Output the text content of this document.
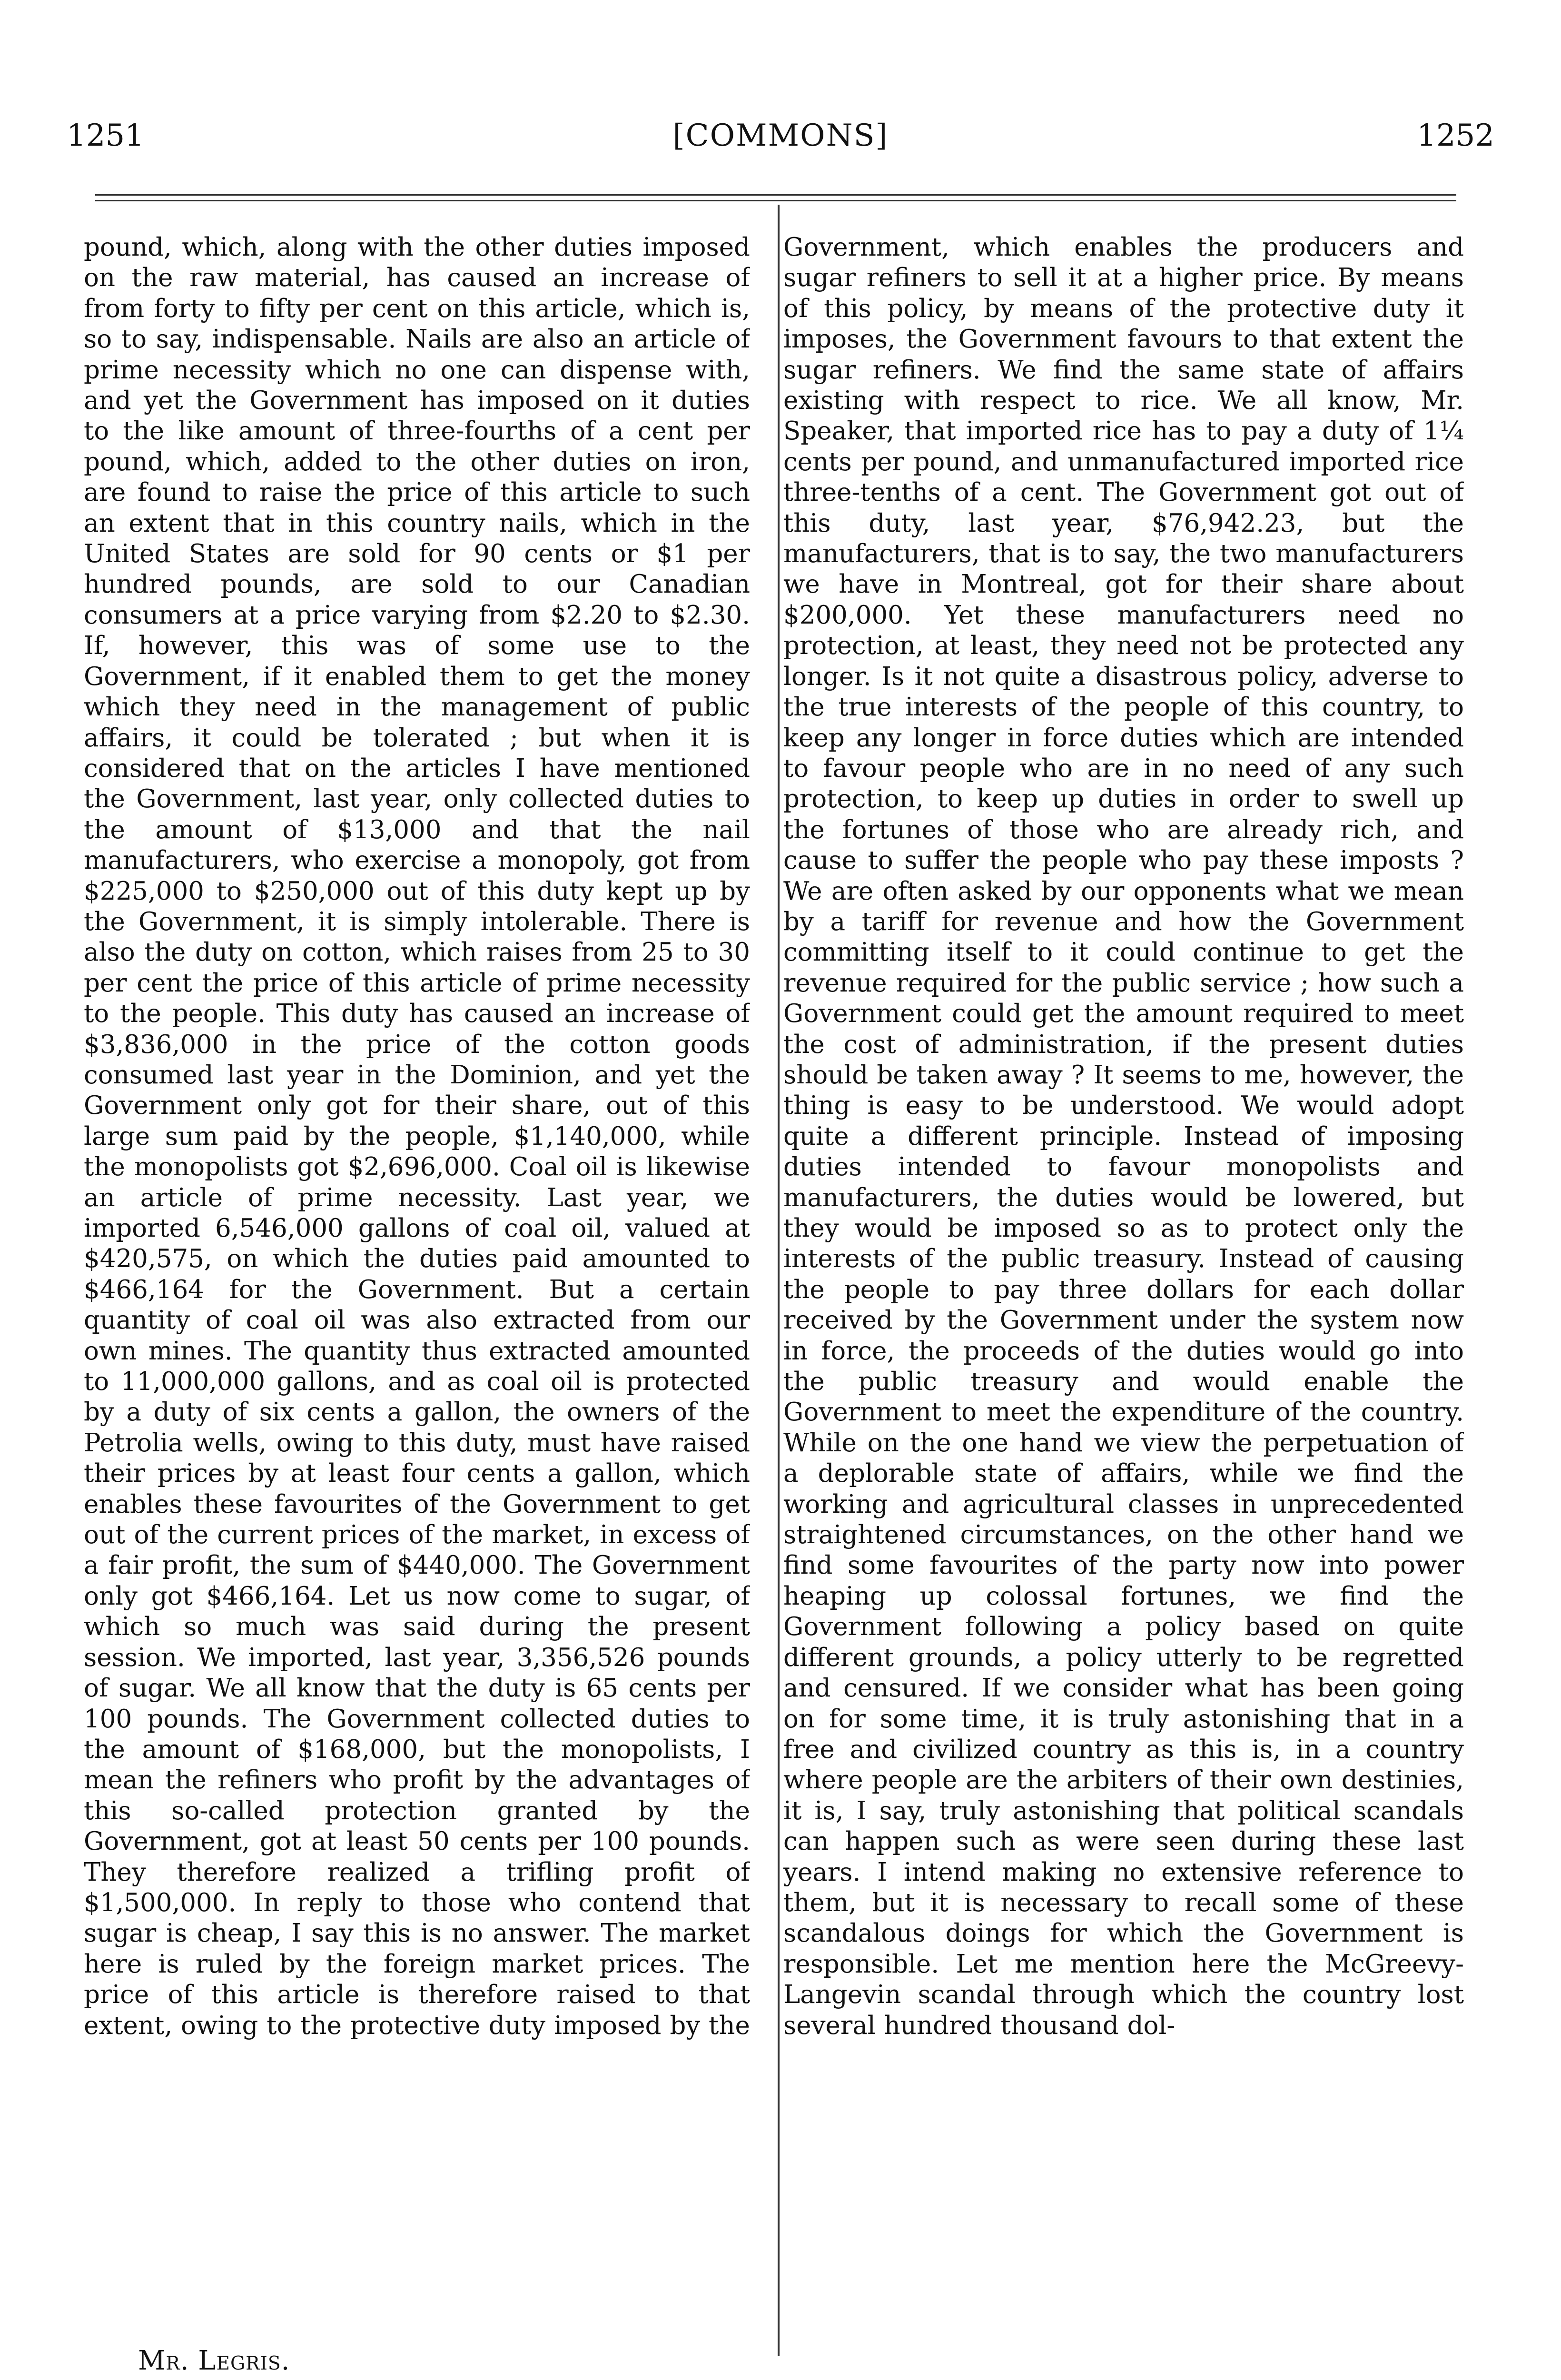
1251	[COMMONS]	1252

pound, which, along with the other duties imposed on the raw material, has caused an increase of from forty to fifty per cent on this article, which is, so to say, indispensable. Nails are also an article of prime necessity which no one can dispense with, and yet the Government has imposed on it duties to the like amount of three-fourths of a cent per pound, which, added to the other duties on iron, are found to raise the price of this article to such an extent that in this country nails, which in the United States are sold for 90 cents or $1 per hundred pounds, are sold to our Canadian consumers at a price varying from $2.20 to $2.30. If, however, this was of some use to the Government, if it enabled them to get the money which they need in the management of public affairs, it could be tolerated ; but when it is considered that on the articles I have mentioned the Government, last year, only collected duties to the amount of $13,000 and that the nail manufacturers, who exercise a monopoly, got from $225,000 to $250,000 out of this duty kept up by the Government, it is simply intolerable. There is also the duty on cotton, which raises from 25 to 30 per cent the price of this article of prime necessity to the people. This duty has caused an increase of $3,836,000 in the price of the cotton goods consumed last year in the Dominion, and yet the Government only got for their share, out of this large sum paid by the people, $1,140,000, while the monopolists got $2,696,000. Coal oil is likewise an article of prime necessity. Last year, we imported 6,546,000 gallons of coal oil, valued at $420,575, on which the duties paid amounted to $466,164 for the Government. But a certain quantity of coal oil was also extracted from our own mines. The quantity thus extracted amounted to 11,000,000 gallons, and as coal oil is protected by a duty of six cents a gallon, the owners of the Petrolia wells, owing to this duty, must have raised their prices by at least four cents a gallon, which enables these favourites of the Government to get out of the current prices of the market, in excess of a fair profit, the sum of $440,000. The Government only got $466,164. Let us now come to sugar, of which so much was said during the present session. We imported, last year, 3,356,526 pounds of sugar. We all know that the duty is 65 cents per 100 pounds. The Government collected duties to the amount of $168,000, but the monopolists, I mean the refiners who profit by the advantages of this so-called protection granted by the Government, got at least 50 cents per 100 pounds. They therefore realized a trifling profit of $1,500,000. In reply to those who contend that sugar is cheap, I say this is no answer. The market here is ruled by the foreign market prices. The price of this article is therefore raised to that extent, owing to the protective duty imposed by the

Government, which enables the producers and sugar refiners to sell it at a higher price. By means of this policy, by means of the protective duty it imposes, the Government favours to that extent the sugar refiners. We find the same state of affairs existing with respect to rice. We all know, Mr. Speaker, that imported rice has to pay a duty of 1¼ cents per pound, and unmanufactured imported rice three-tenths of a cent. The Government got out of this duty, last year, $76,942.23, but the manufacturers, that is to say, the two manufacturers we have in Montreal, got for their share about $200,000. Yet these manufacturers need no protection, at least, they need not be protected any longer. Is it not quite a disastrous policy, adverse to the true interests of the people of this country, to keep any longer in force duties which are intended to favour people who are in no need of any such protection, to keep up duties in order to swell up the fortunes of those who are already rich, and cause to suffer the people who pay these imposts ? We are often asked by our opponents what we mean by a tariff for revenue and how the Government committing itself to it could continue to get the revenue required for the public service ; how such a Government could get the amount required to meet the cost of administration, if the present duties should be taken away ? It seems to me, however, the thing is easy to be understood. We would adopt quite a different principle. Instead of imposing duties intended to favour monopolists and manufacturers, the duties would be lowered, but they would be imposed so as to protect only the interests of the public treasury. Instead of causing the people to pay three dollars for each dollar received by the Government under the system now in force, the proceeds of the duties would go into the public treasury and would enable the Government to meet the expenditure of the country. While on the one hand we view the perpetuation of a deplorable state of affairs, while we find the working and agricultural classes in unprecedented straightened circumstances, on the other hand we find some favourites of the party now into power heaping up colossal fortunes, we find the Government following a policy based on quite different grounds, a policy utterly to be regretted and censured. If we consider what has been going on for some time, it is truly astonishing that in a free and civilized country as this is, in a country where people are the arbiters of their own destinies, it is, I say, truly astonishing that political scandals can happen such as were seen during these last years. I intend making no extensive reference to them, but it is necessary to recall some of these scandalous doings for which the Government is responsible. Let me mention here the McGreevy-Langevin scandal through which the country lost several hundred thousand dol-

Mr. Legris.
